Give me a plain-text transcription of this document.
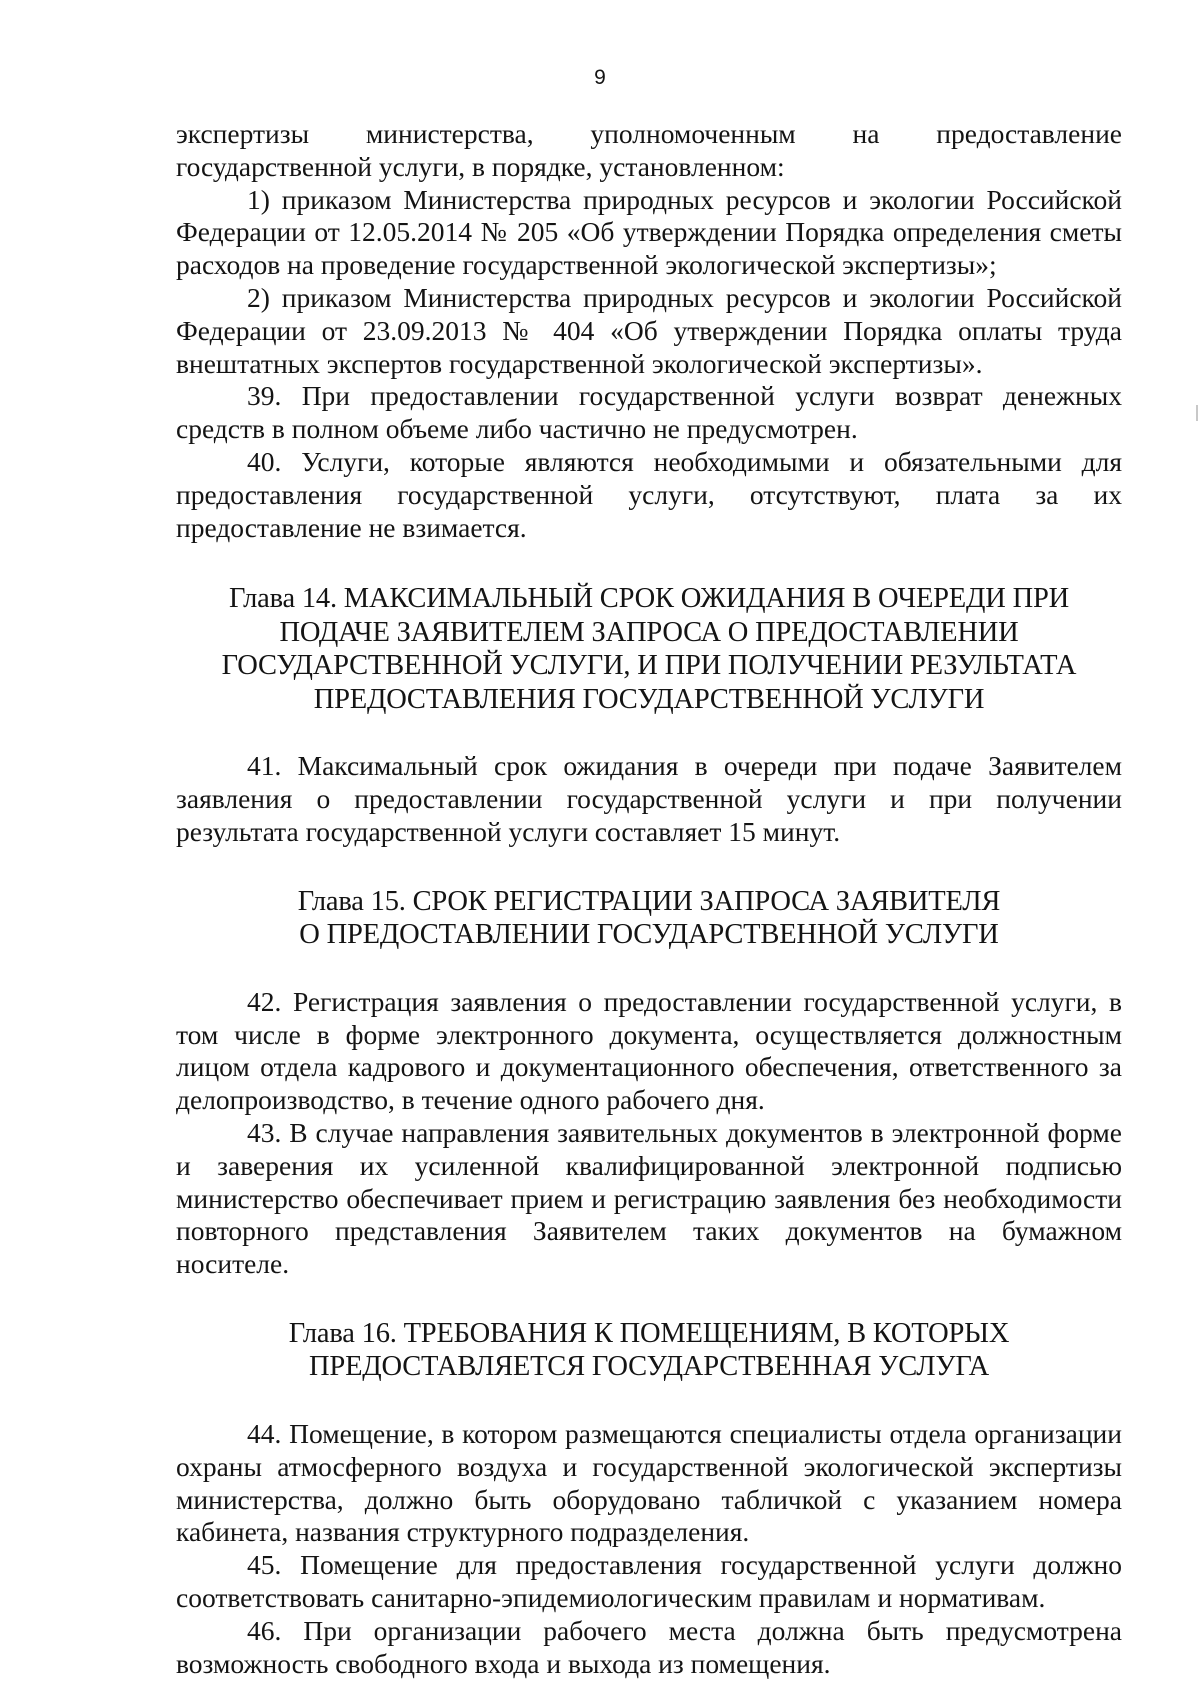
9

экспертизы министерства, уполномоченным на предоставление

государственной услуги, в порядке, установленном:

1) приказом Министерства природных ресурсов и экологии Российской Федерации от 12.05.2014 № 205 «Об утверждении Порядка определения сметы расходов на проведение государственной экологической экспертизы»;

2) приказом Министерства природных ресурсов и экологии Российской Федерации от 23.09.2013 № 404 «Об утверждении Порядка оплаты труда внештатных экспертов государственной экологической экспертизы».

39. При предоставлении государственной услуги возврат денежных средств в полном объеме либо частично не предусмотрен.

40. Услуги, которые являются необходимыми и обязательными для предоставления государственной услуги, отсутствуют, плата за их предоставление не взимается.

Глава 14. МАКСИМАЛЬНЫЙ СРОК ОЖИДАНИЯ В ОЧЕРЕДИ ПРИ
ПОДАЧЕ ЗАЯВИТЕЛЕМ ЗАПРОСА О ПРЕДОСТАВЛЕНИИ
ГОСУДАРСТВЕННОЙ УСЛУГИ, И ПРИ ПОЛУЧЕНИИ РЕЗУЛЬТАТА
ПРЕДОСТАВЛЕНИЯ ГОСУДАРСТВЕННОЙ УСЛУГИ

41. Максимальный срок ожидания в очереди при подаче Заявителем заявления о предоставлении государственной услуги и при получении результата государственной услуги составляет 15 минут.

Глава 15. СРОК РЕГИСТРАЦИИ ЗАПРОСА ЗАЯВИТЕЛЯ
О ПРЕДОСТАВЛЕНИИ ГОСУДАРСТВЕННОЙ УСЛУГИ

42. Регистрация заявления о предоставлении государственной услуги, в том числе в форме электронного документа, осуществляется должностным лицом отдела кадрового и документационного обеспечения, ответственного за делопроизводство, в течение одного рабочего дня.

43. В случае направления заявительных документов в электронной форме и заверения их усиленной квалифицированной электронной подписью министерство обеспечивает прием и регистрацию заявления без необходимости повторного представления Заявителем таких документов на бумажном носителе.

Глава 16. ТРЕБОВАНИЯ К ПОМЕЩЕНИЯМ, В КОТОРЫХ
ПРЕДОСТАВЛЯЕТСЯ ГОСУДАРСТВЕННАЯ УСЛУГА

44. Помещение, в котором размещаются специалисты отдела организации охраны атмосферного воздуха и государственной экологической экспертизы министерства, должно быть оборудовано табличкой с указанием номера кабинета, названия структурного подразделения.

45. Помещение для предоставления государственной услуги должно соответствовать санитарно-эпидемиологическим правилам и нормативам.

46. При организации рабочего места должна быть предусмотрена возможность свободного входа и выхода из помещения.
